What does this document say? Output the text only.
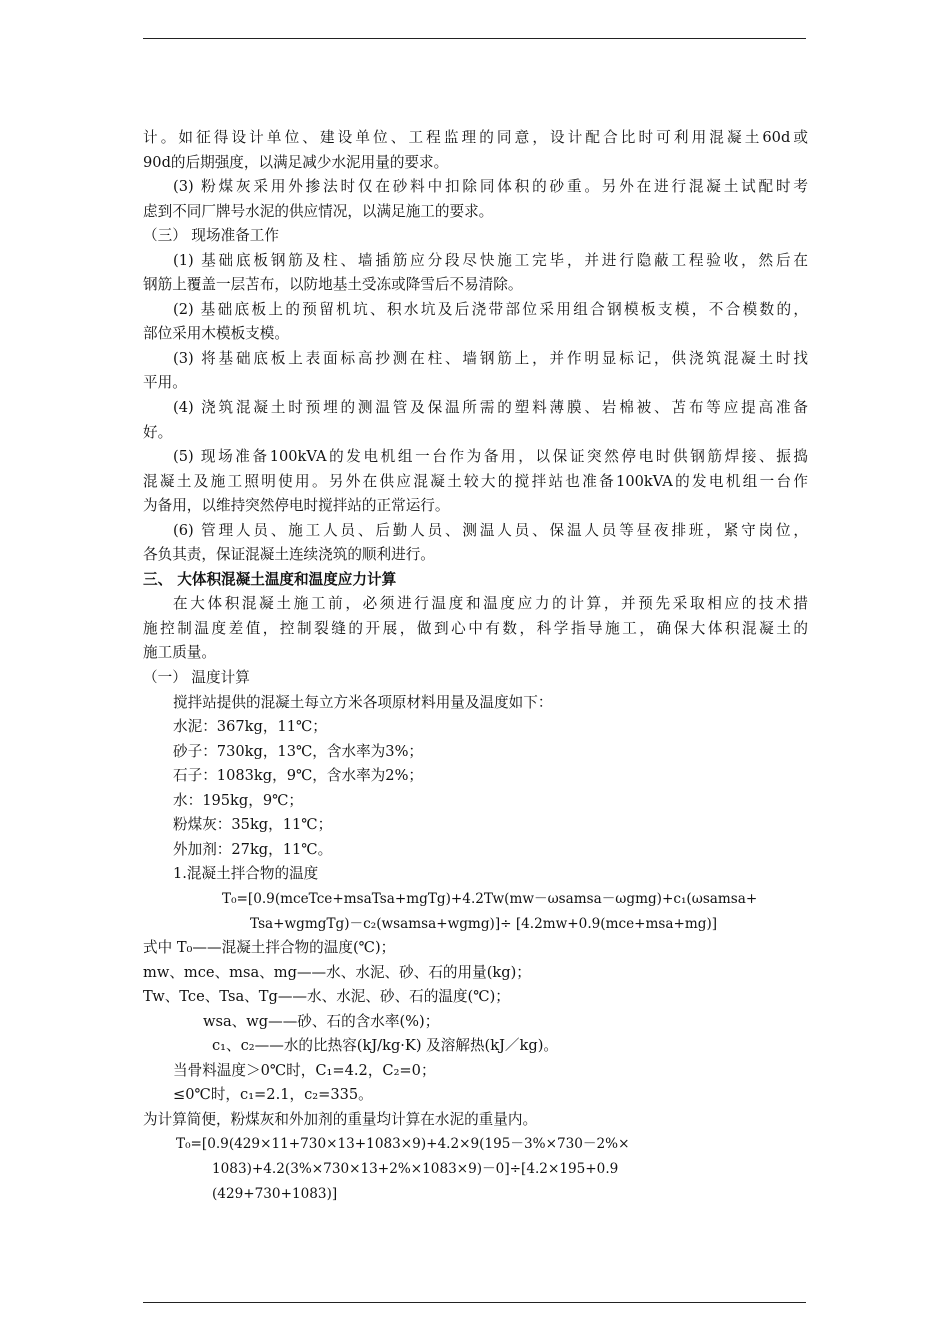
计。如征得设计单位、建设单位、工程监理的同意，设计配合比时可利用混凝土60d或
90d的后期强度，以满足减少水泥用量的要求。
(3) 粉煤灰采用外掺法时仅在砂料中扣除同体积的砂重。另外在进行混凝土试配时考
虑到不同厂牌号水泥的供应情况，以满足施工的要求。
（三） 现场准备工作
(1) 基础底板钢筋及柱、墙插筋应分段尽快施工完毕，并进行隐蔽工程验收，然后在
钢筋上覆盖一层苫布，以防地基土受冻或降雪后不易清除。
(2) 基础底板上的预留机坑、积水坑及后浇带部位采用组合钢模板支模，不合模数的，
部位采用木模板支模。
(3) 将基础底板上表面标高抄测在柱、墙钢筋上，并作明显标记，供浇筑混凝土时找
平用。
(4) 浇筑混凝土时预埋的测温管及保温所需的塑料薄膜、岩棉被、苫布等应提高准备
好。
(5) 现场准备100kVA的发电机组一台作为备用，以保证突然停电时供钢筋焊接、振捣
混凝土及施工照明使用。另外在供应混凝土较大的搅拌站也准备100kVA的发电机组一台作
为备用，以维持突然停电时搅拌站的正常运行。
(6) 管理人员、施工人员、后勤人员、测温人员、保温人员等昼夜排班，紧守岗位，
各负其责，保证混凝土连续浇筑的顺利进行。
三、 大体积混凝土温度和温度应力计算
在大体积混凝土施工前，必须进行温度和温度应力的计算，并预先采取相应的技术措
施控制温度差值，控制裂缝的开展，做到心中有数，科学指导施工，确保大体积混凝土的
施工质量。
（一） 温度计算
搅拌站提供的混凝土每立方米各项原材料用量及温度如下：
水泥：367kg，11℃；
砂子：730kg，13℃，含水率为3%；
石子：1083kg，9℃，含水率为2%；
水：195kg，9℃；
粉煤灰：35kg，11℃；
外加剂：27kg，11℃。
1.混凝土拌合物的温度
T₀=[0.9(mceTce+msaTsa+mgTg)+4.2Tw(mw－ωsamsa－ωgmg)+c₁(ωsamsa+
Tsa+wgmgTg)－c₂(wsamsa+wgmg)]÷ [4.2mw+0.9(mce+msa+mg)]
式中 T₀——混凝土拌合物的温度(℃)；
mw、mce、msa、mg——水、水泥、砂、石的用量(kg)；
Tw、Tce、Tsa、Tg——水、水泥、砂、石的温度(℃)；
wsa、wg——砂、石的含水率(%)；
c₁、c₂——水的比热容(kJ/kg·K) 及溶解热(kJ／kg)。
当骨料温度＞0℃时，C₁=4.2，C₂=0；
≤0℃时，c₁=2.1，c₂=335。
为计算简便，粉煤灰和外加剂的重量均计算在水泥的重量内。
T₀=[0.9(429×11+730×13+1083×9)+4.2×9(195－3%×730－2%×
1083)+4.2(3%×730×13+2%×1083×9)－0]÷[4.2×195+0.9
(429+730+1083)]
